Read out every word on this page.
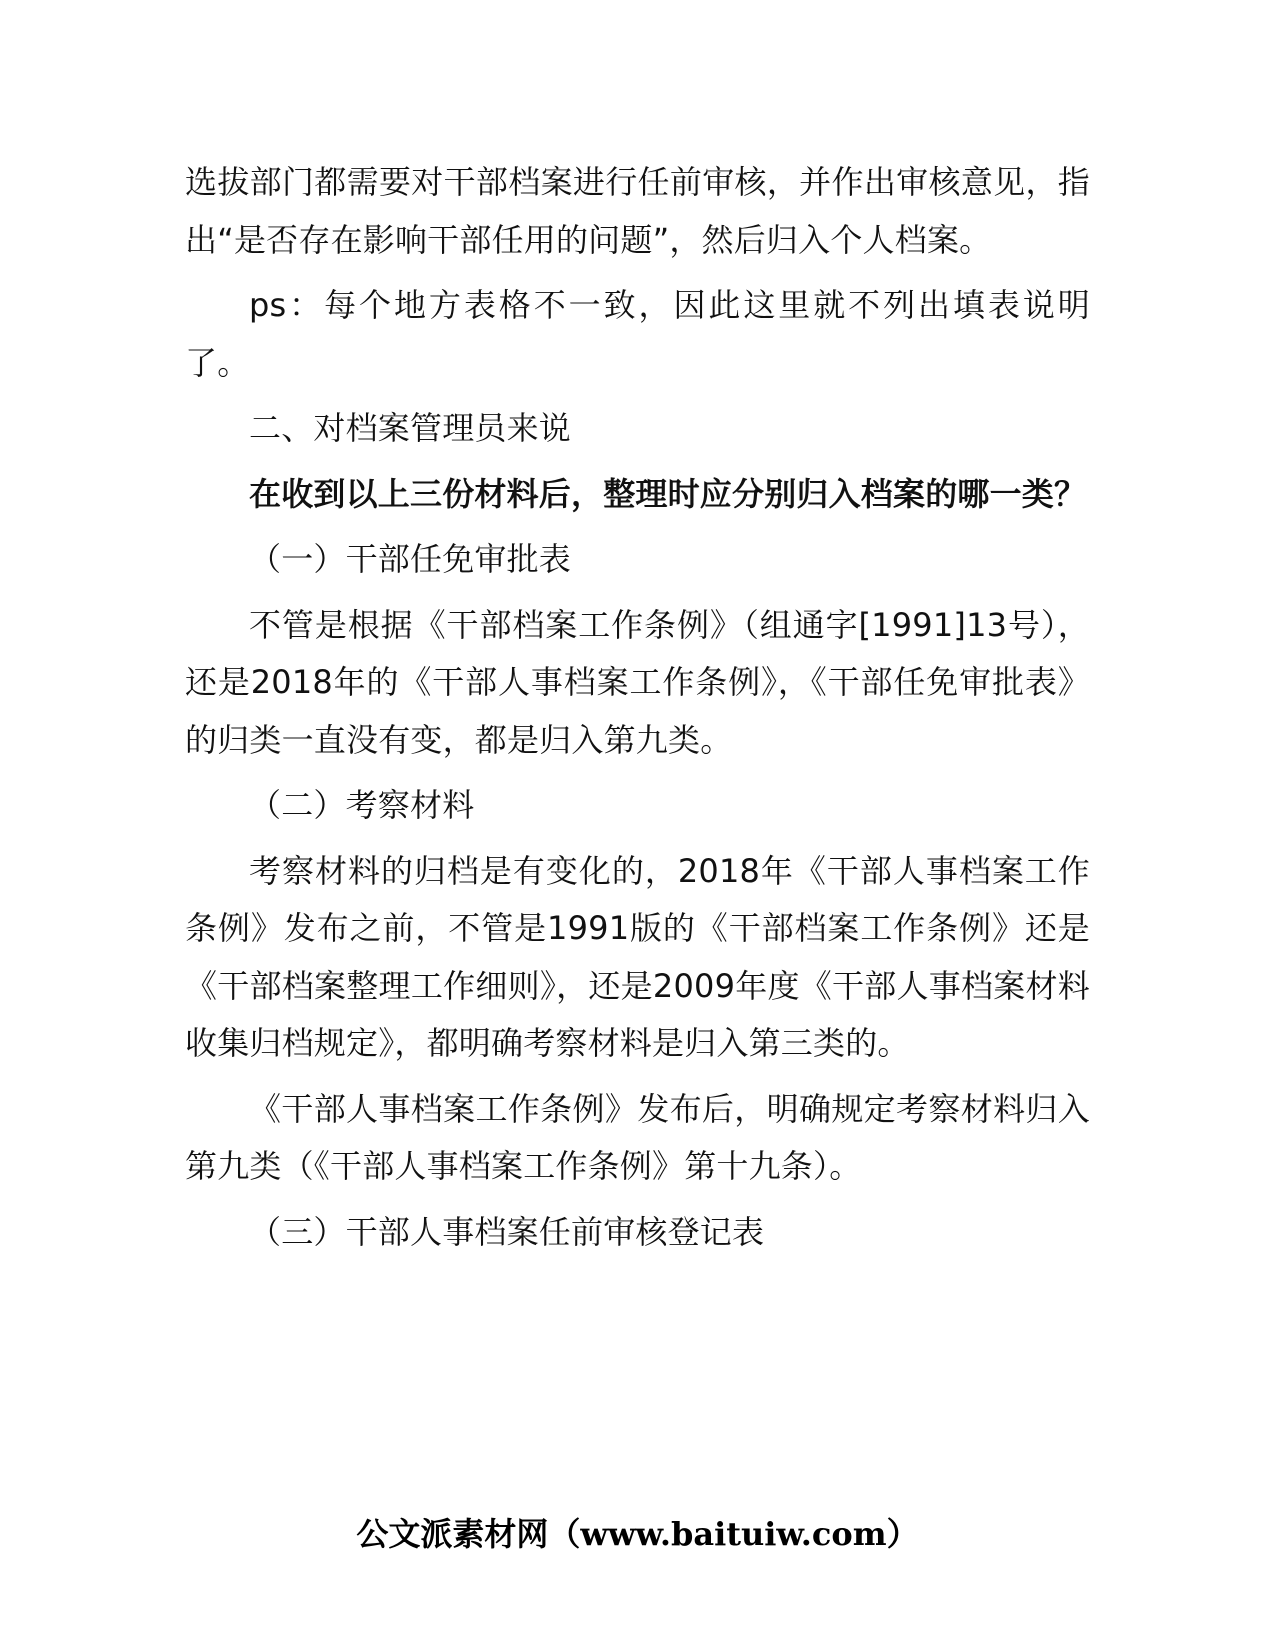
选拔部门都需要对干部档案进行任前审核，并作出审核意见，指出“是否存在影响干部任用的问题”，然后归入个人档案。

ps：每个地方表格不一致，因此这里就不列出填表说明了。

二、对档案管理员来说

在收到以上三份材料后，整理时应分别归入档案的哪一类？

（一）干部任免审批表

不管是根据《干部档案工作条例》（组通字[1991]13号），还是2018年的《干部人事档案工作条例》，《干部任免审批表》的归类一直没有变，都是归入第九类。

（二）考察材料

考察材料的归档是有变化的，2018年《干部人事档案工作条例》发布之前，不管是1991版的《干部档案工作条例》还是《干部档案整理工作细则》，还是2009年度《干部人事档案材料收集归档规定》，都明确考察材料是归入第三类的。

《干部人事档案工作条例》发布后，明确规定考察材料归入第九类（《干部人事档案工作条例》第十九条）。

（三）干部人事档案任前审核登记表

公文派素材网（www.baituiw.com）
